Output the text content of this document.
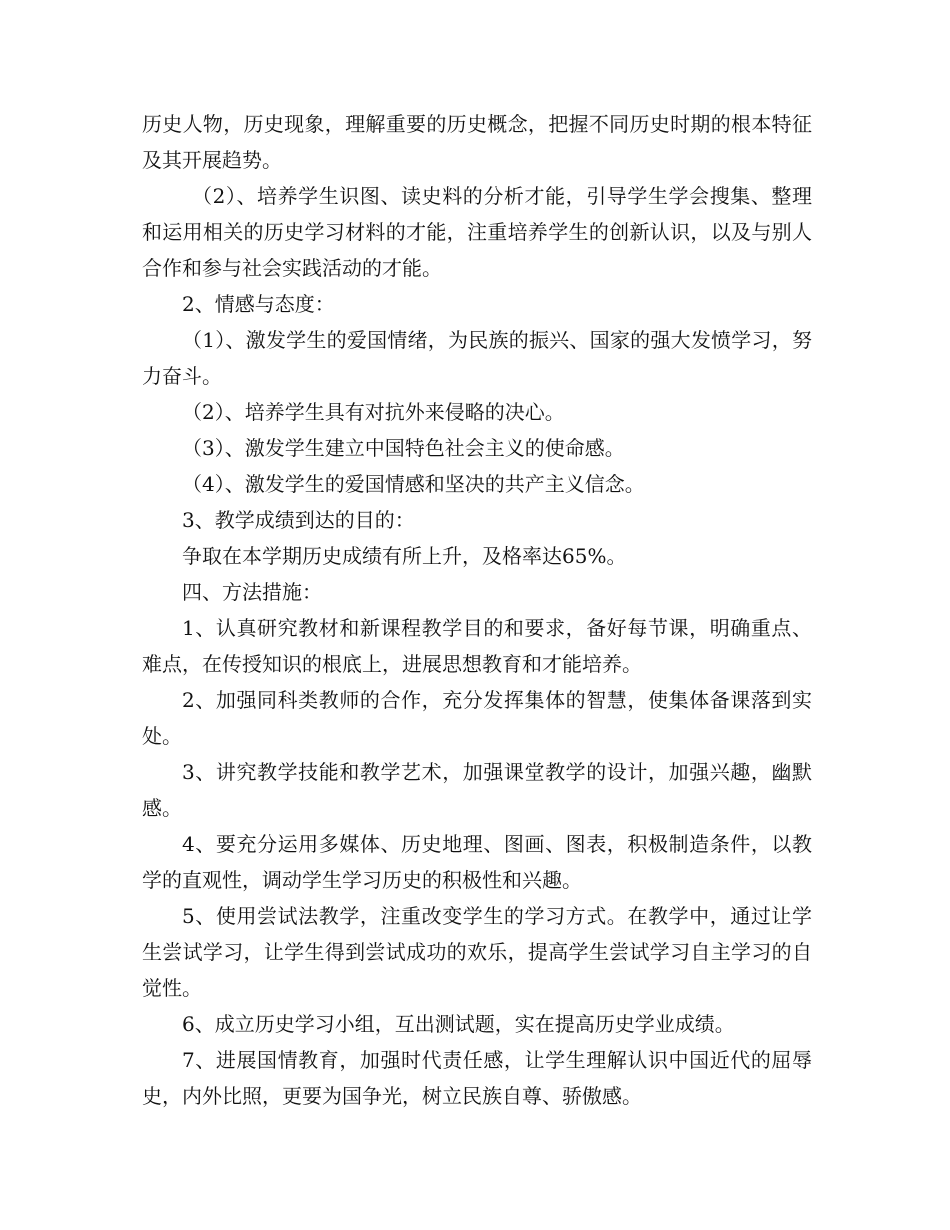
历史人物，历史现象，理解重要的历史概念，把握不同历史时期的根本特征及其开展趋势。

（2）、培养学生识图、读史料的分析才能，引导学生学会搜集、整理和运用相关的历史学习材料的才能，注重培养学生的创新认识，以及与别人合作和参与社会实践活动的才能。

2、情感与态度：

（1）、激发学生的爱国情绪，为民族的振兴、国家的强大发愤学习，努力奋斗。

（2）、培养学生具有对抗外来侵略的决心。

（3）、激发学生建立中国特色社会主义的使命感。

（4）、激发学生的爱国情感和坚决的共产主义信念。

3、教学成绩到达的目的：

争取在本学期历史成绩有所上升，及格率达65%。

四、方法措施：

1、认真研究教材和新课程教学目的和要求，备好每节课，明确重点、难点，在传授知识的根底上，进展思想教育和才能培养。

2、加强同科类教师的合作，充分发挥集体的智慧，使集体备课落到实处。

3、讲究教学技能和教学艺术，加强课堂教学的设计，加强兴趣，幽默感。

4、要充分运用多媒体、历史地理、图画、图表，积极制造条件，以教学的直观性，调动学生学习历史的积极性和兴趣。

5、使用尝试法教学，注重改变学生的学习方式。在教学中，通过让学生尝试学习，让学生得到尝试成功的欢乐，提高学生尝试学习自主学习的自觉性。

6、成立历史学习小组，互出测试题，实在提高历史学业成绩。

7、进展国情教育，加强时代责任感，让学生理解认识中国近代的屈辱史，内外比照，更要为国争光，树立民族自尊、骄傲感。
